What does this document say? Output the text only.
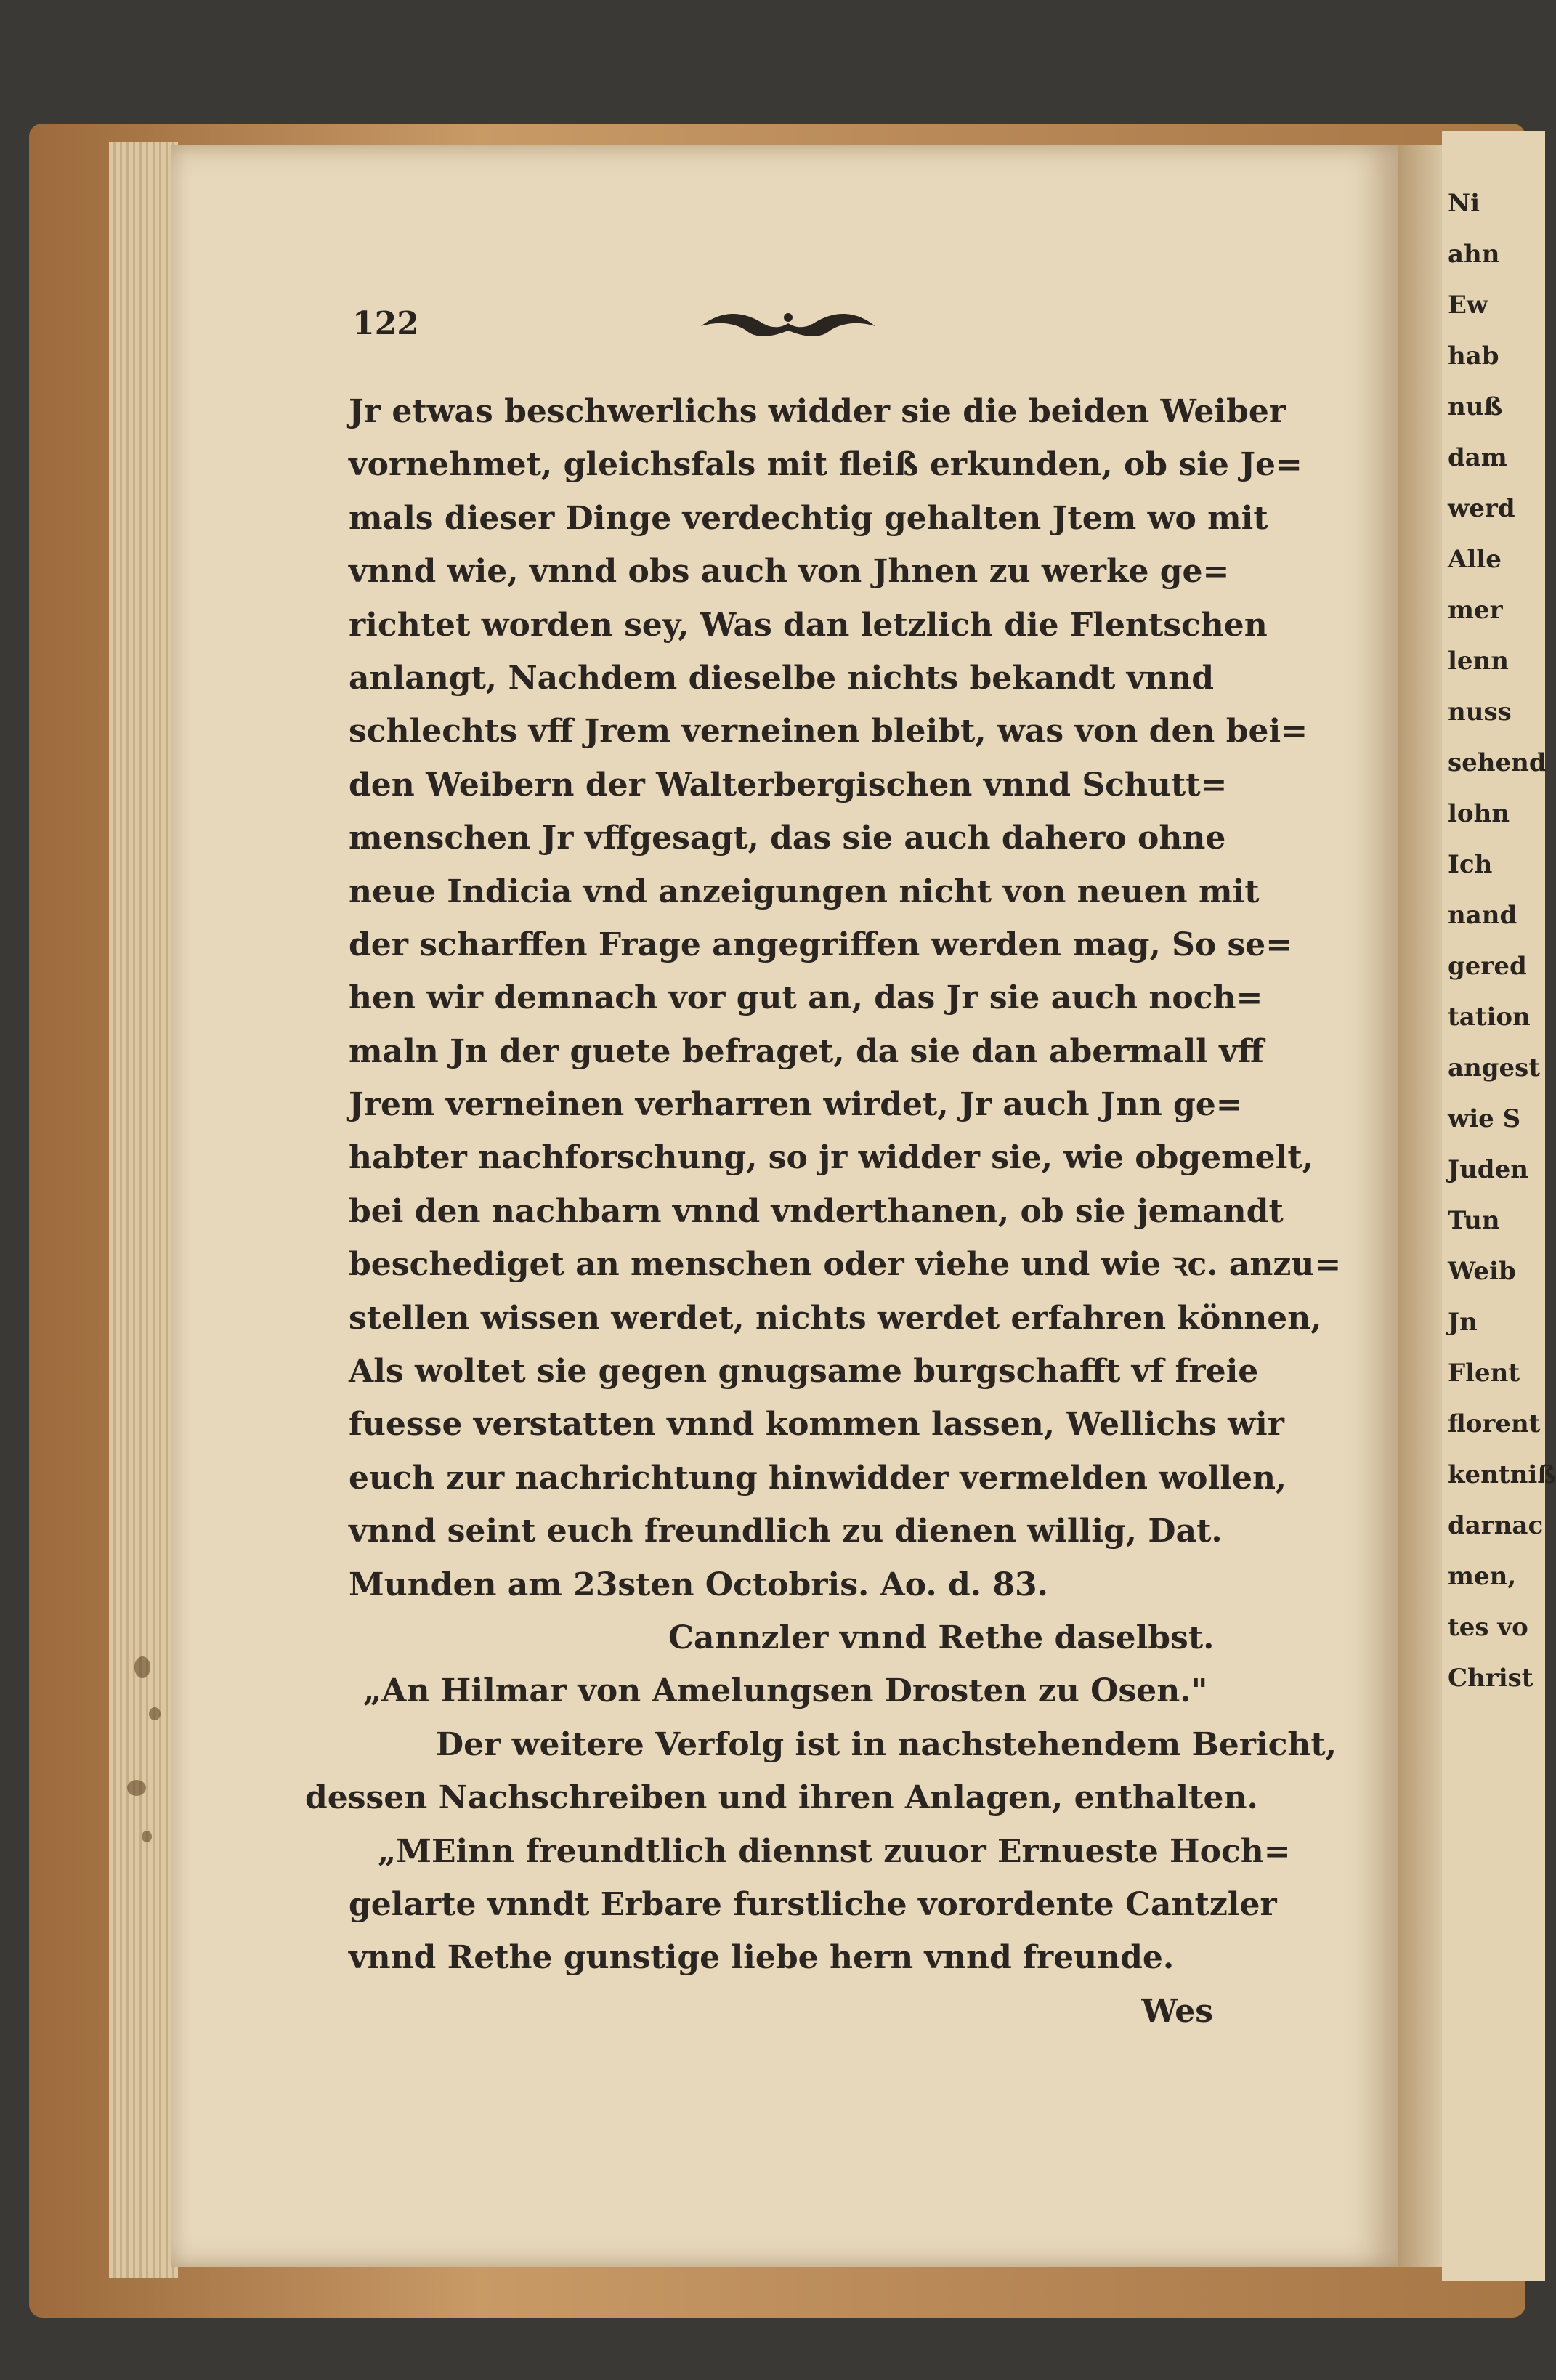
Ni
ahn
Ew
hab
nuß
dam
werd
Alle
mer
lenn
nuss
sehend
lohn
Ich
nand
gered
tation
angest
wie S
Juden
Tun
Weib
Jn
Flent
florent
kentniß
darnac
men,
tes vo
Christ
122
Jr etwas beschwerlichs widder sie die beiden Weiber
vornehmet, gleichsfals mit fleiß erkunden, ob sie Je=
mals dieser Dinge verdechtig gehalten Jtem wo mit
vnnd wie, vnnd obs auch von Jhnen zu werke ge=
richtet worden sey, Was dan letzlich die Flentschen
anlangt, Nachdem dieselbe nichts bekandt vnnd
schlechts vff Jrem verneinen bleibt, was von den bei=
den Weibern der Walterbergischen vnnd Schutt=
menschen Jr vffgesagt, das sie auch dahero ohne
neue Indicia vnd anzeigungen nicht von neuen mit
der scharffen Frage angegriffen werden mag, So se=
hen wir demnach vor gut an, das Jr sie auch noch=
maln Jn der guete befraget, da sie dan abermall vff
Jrem verneinen verharren wirdet, Jr auch Jnn ge=
habter nachforschung, so jr widder sie, wie obgemelt,
bei den nachbarn vnnd vnderthanen, ob sie jemandt
beschediget an menschen oder viehe und wie ꝛc. anzu=
stellen wissen werdet, nichts werdet erfahren können,
Als woltet sie gegen gnugsame burgschafft vf freie
fuesse verstatten vnnd kommen lassen, Wellichs wir
euch zur nachrichtung hinwidder vermelden wollen,
vnnd seint euch freundlich zu dienen willig, Dat.
Munden am 23sten Octobris. Ao. d. 83.
Cannzler vnnd Rethe daselbst.
„An Hilmar von Amelungsen Drosten zu Osen."
Der weitere Verfolg ist in nachstehendem Bericht,
dessen Nachschreiben und ihren Anlagen, enthalten.
„MEinn freundtlich diennst zuuor Ernueste Hoch=
gelarte vnndt Erbare furstliche vorordente Cantzler
vnnd Rethe gunstige liebe hern vnnd freunde.
Wes
